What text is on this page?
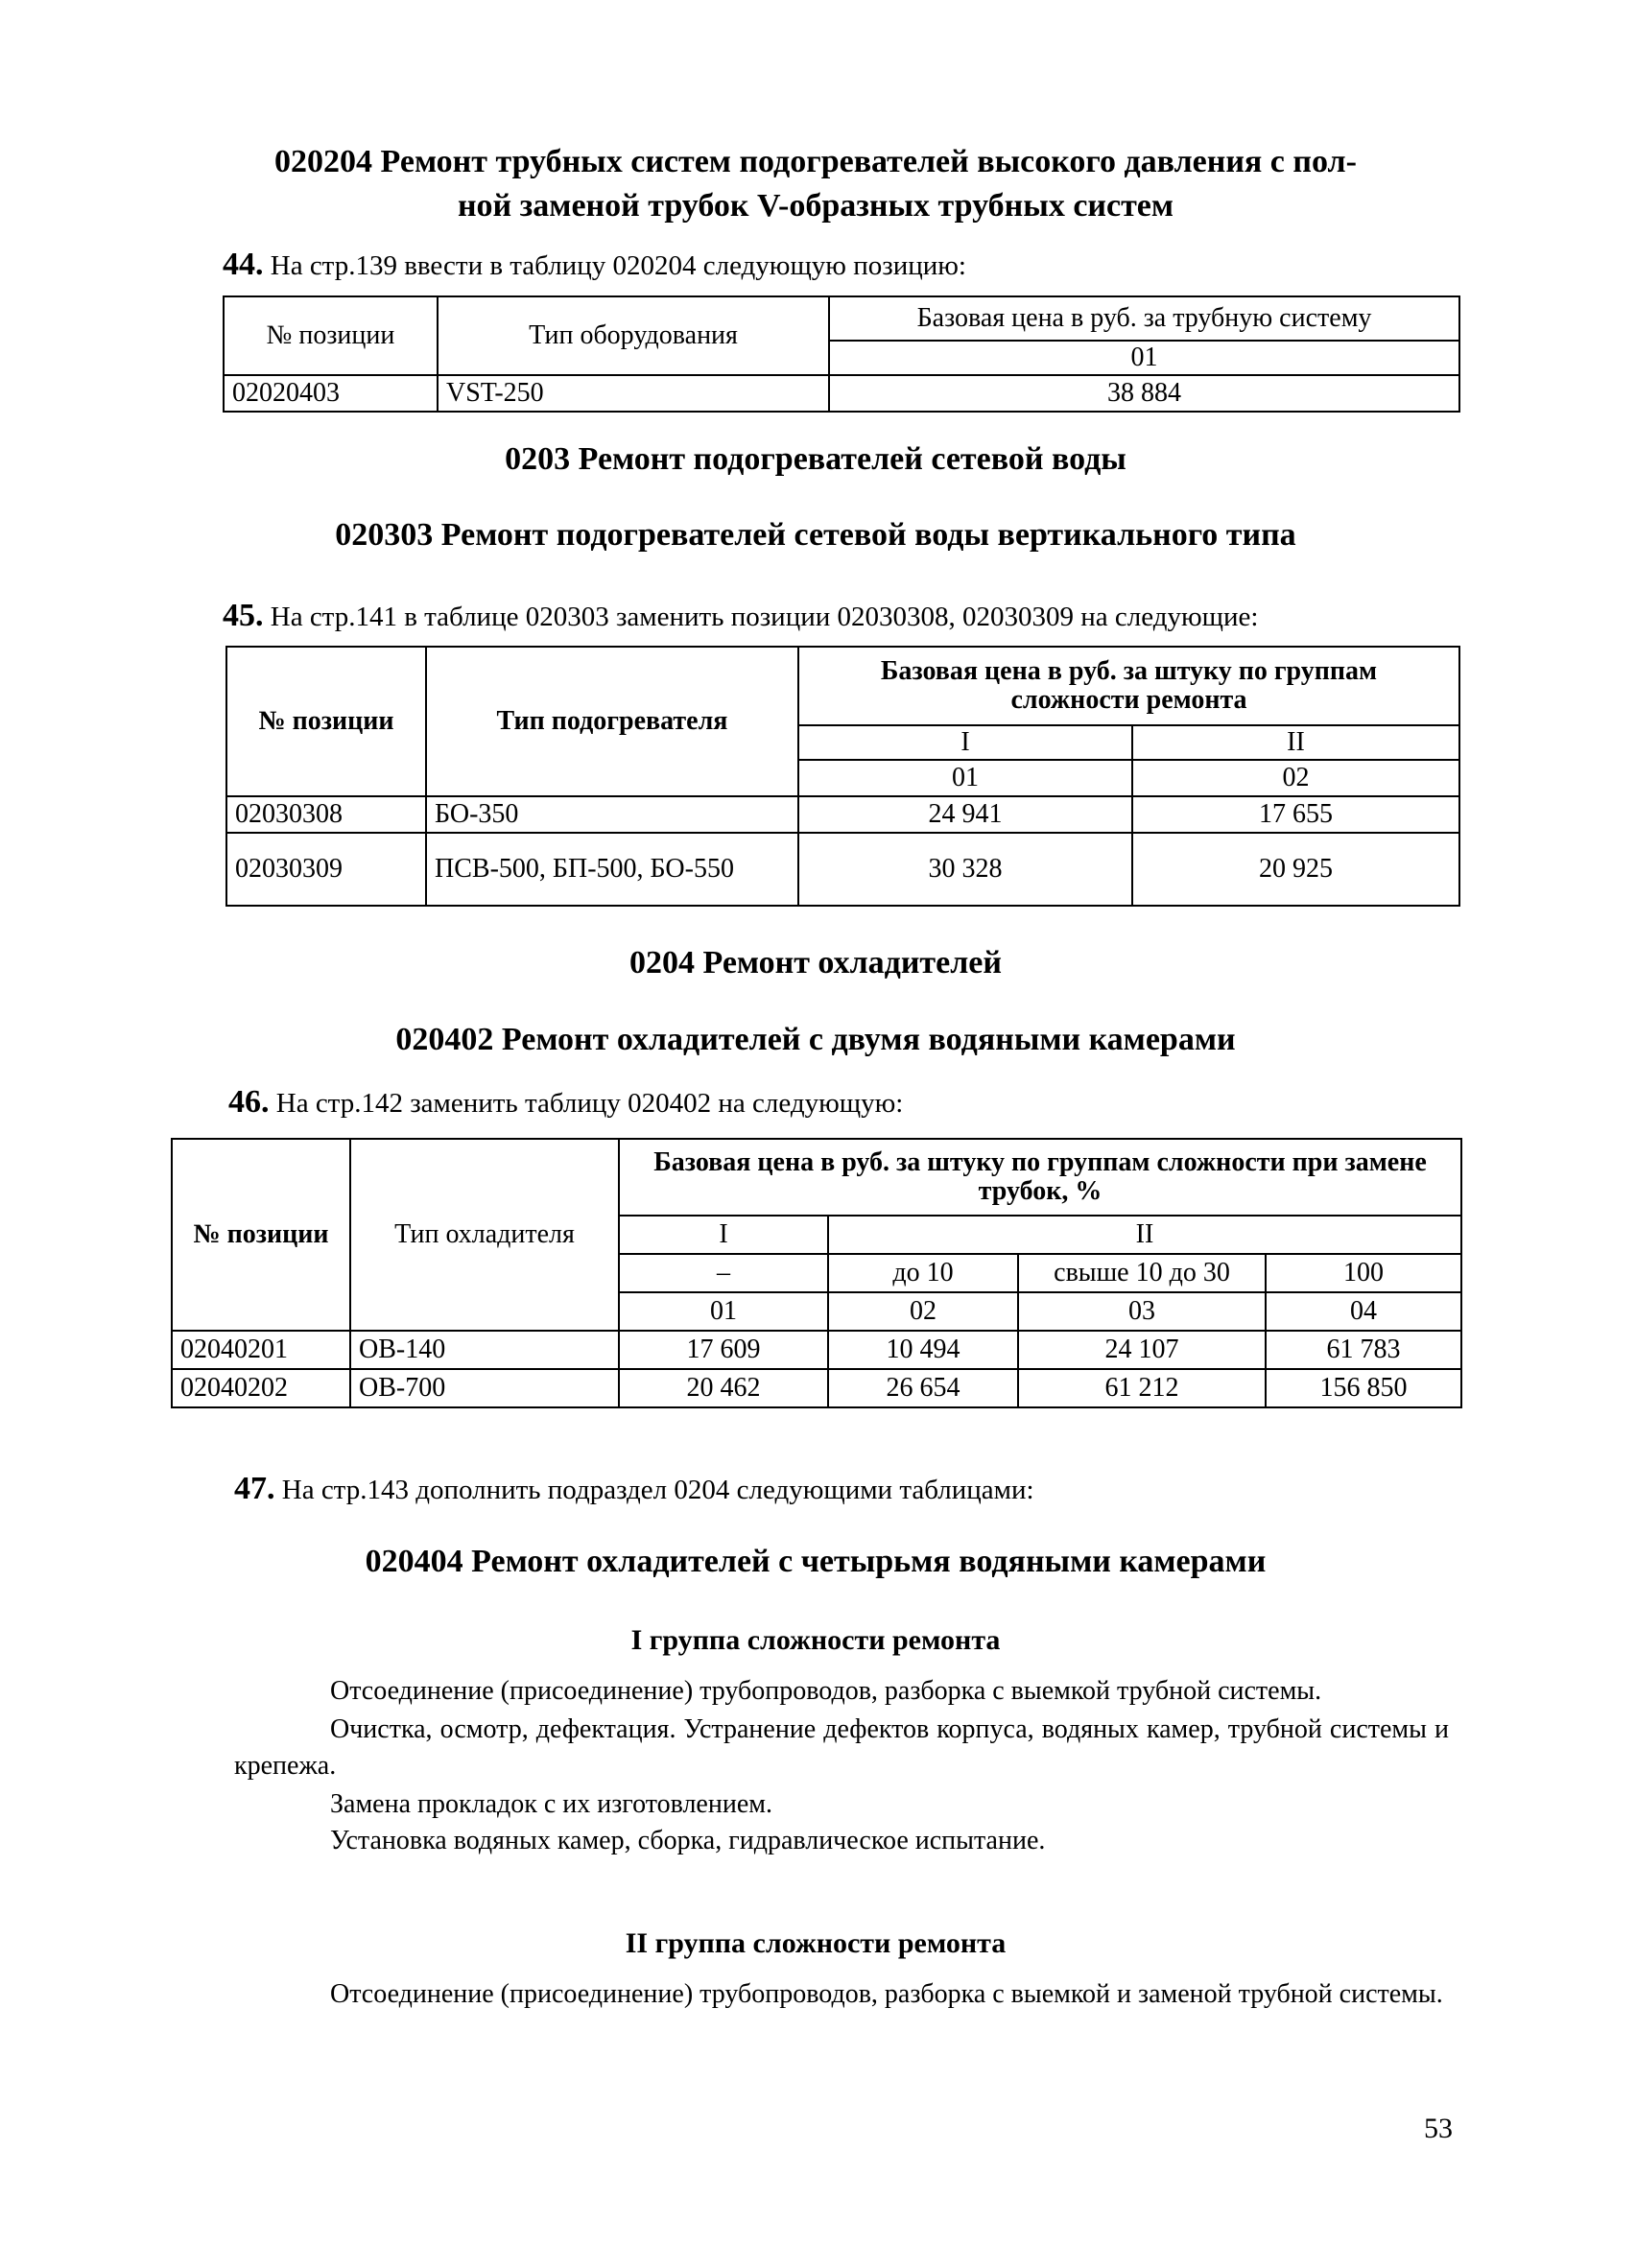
020204 Ремонт трубных систем подогревателей высокого давления с пол-
ной заменой трубок V-образных трубных систем
44. На стр.139 ввести в таблицу 020204 следующую позицию:
№ позиции	Тип оборудования	Базовая цена в руб. за трубную систему
		01
02020403	VST-250	38 884
0203 Ремонт подогревателей сетевой воды
020303 Ремонт подогревателей сетевой воды вертикального типа
45. На стр.141 в таблице 020303 заменить позиции 02030308, 02030309 на следующие:
№ позиции	Тип подогревателя	Базовая цена в руб. за штуку по группам сложности ремонта	
		I	II
		01	02
02030308	БО-350	24 941	17 655
02030309	ПСВ-500, БП-500, БО-550	30 328	20 925
0204 Ремонт охладителей
020402 Ремонт охладителей с двумя водяными камерами
46. На стр.142 заменить таблицу 020402 на следующую:
№ позиции	Тип охладителя	Базовая цена в руб. за штуку по группам сложности при замене трубок, %			
		I	II		
		–	до 10	свыше 10 до 30	100
		01	02	03	04
02040201	ОВ-140	17 609	10 494	24 107	61 783
02040202	ОВ-700	20 462	26 654	61 212	156 850
47. На стр.143 дополнить подраздел 0204 следующими таблицами:
020404 Ремонт охладителей с четырьмя водяными камерами
I группа сложности ремонта
Отсоединение (присоединение) трубопроводов, разборка с выемкой трубной системы.
Очистка, осмотр, дефектация. Устранение дефектов корпуса, водяных камер, трубной системы и крепежа.
Замена прокладок с их изготовлением.
Установка водяных камер, сборка, гидравлическое испытание.
II группа сложности ремонта
Отсоединение (присоединение) трубопроводов, разборка с выемкой и заменой трубной системы.
53
